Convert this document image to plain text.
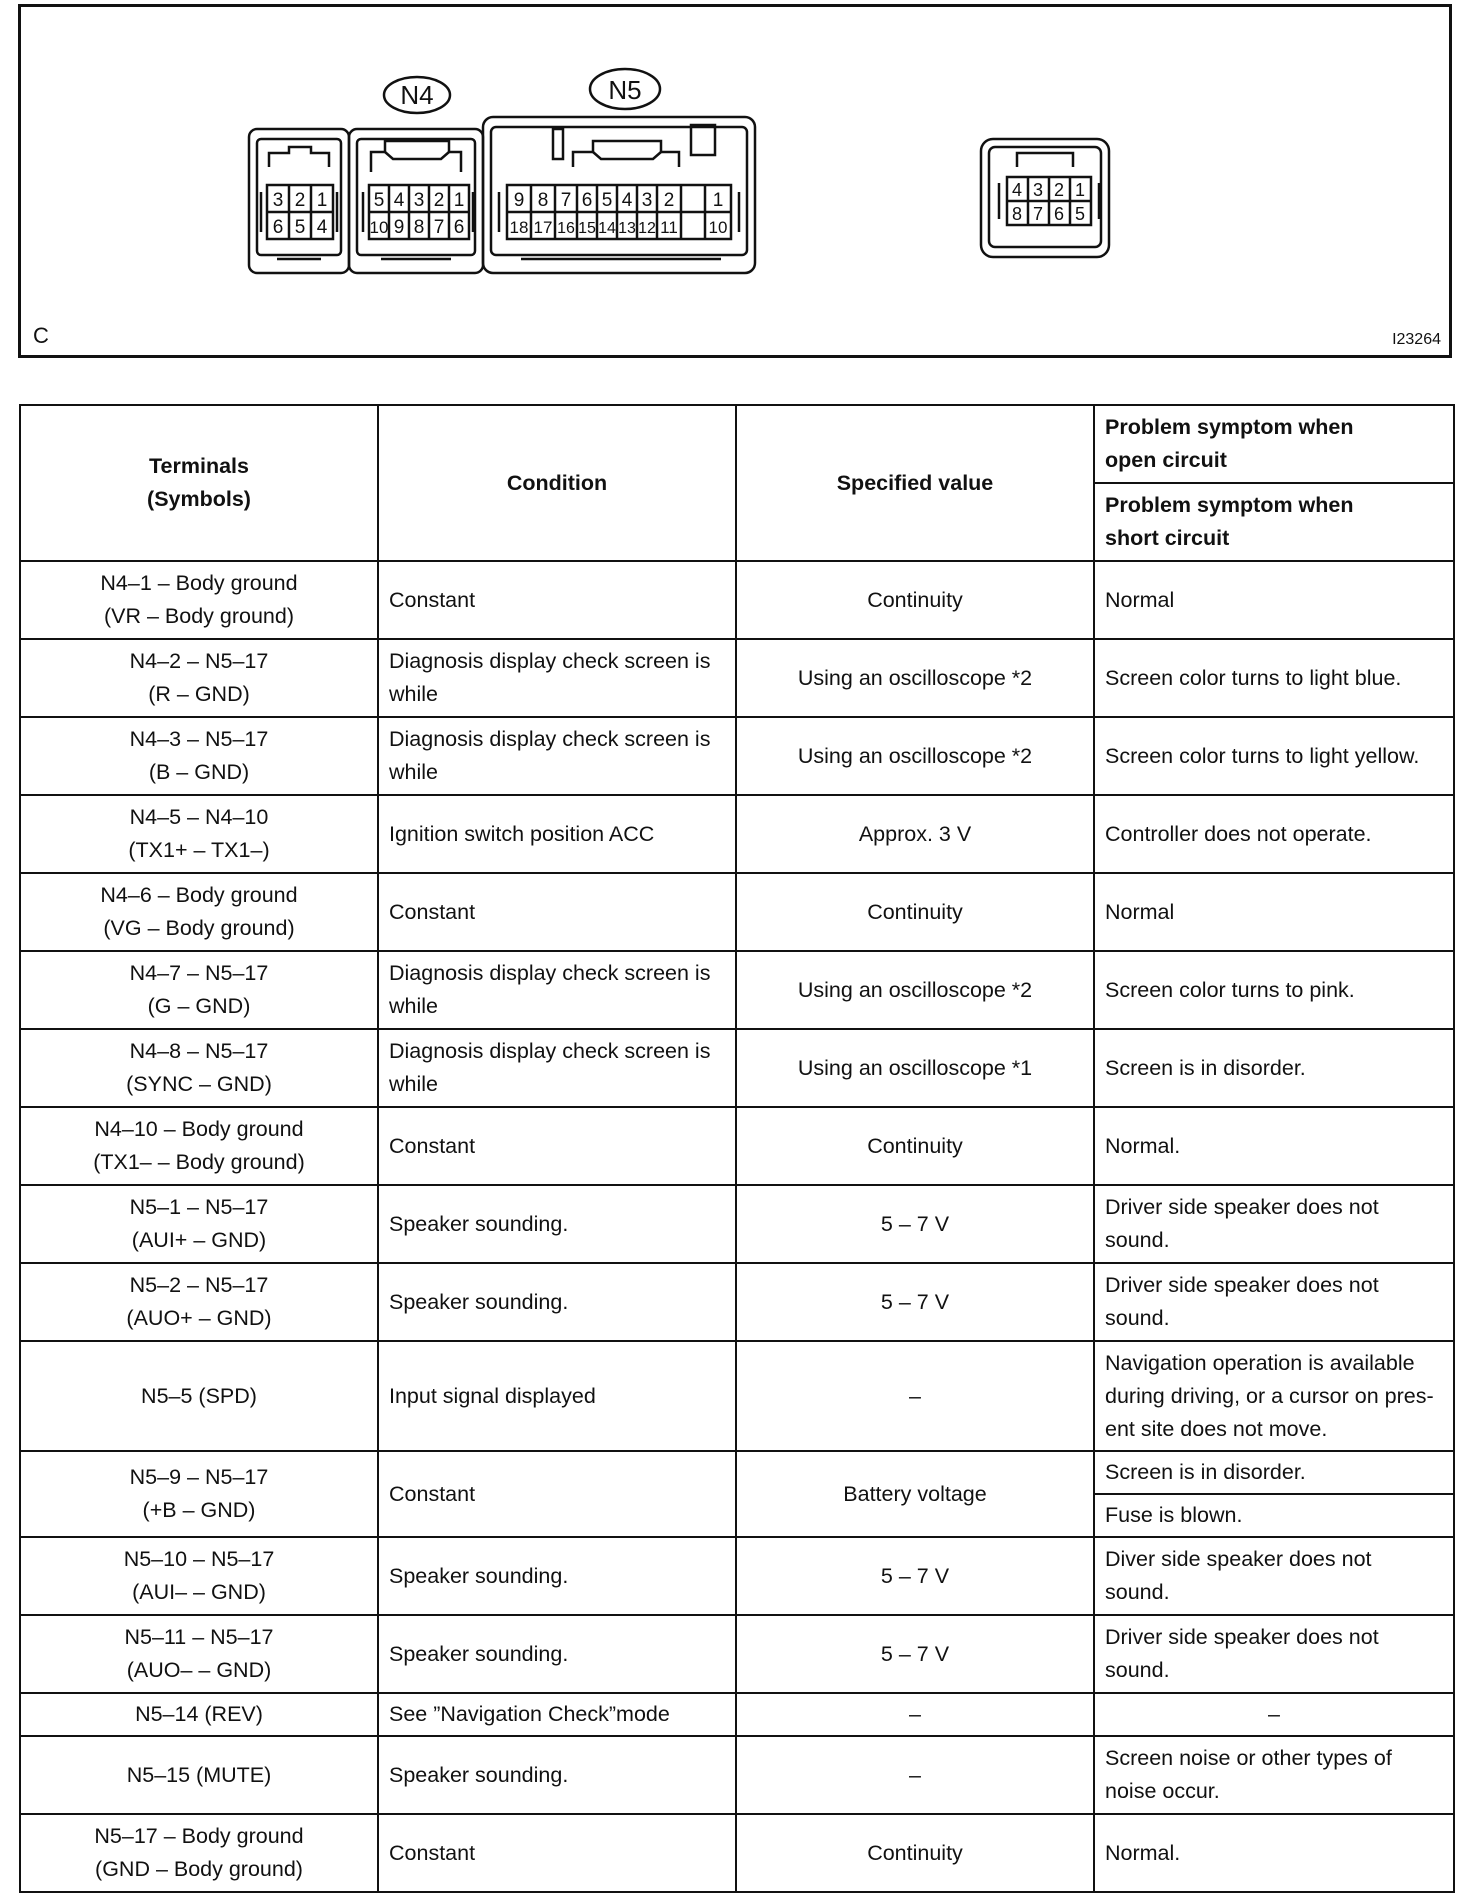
N4	N5
3 2 1
6 5 4
5 4 3 2 1
10 9 8 7 6
9 8 7 6 5 4 3 2 1
18 17 16 15 14 13 12 11 10
4 3 2 1
8 7 6 5
C	I23264
Terminals
(Symbols)	Condition	Specified value	Problem symptom when
open circuit
			Problem symptom when
short circuit
N4–1 – Body ground
(VR – Body ground)	Constant	Continuity	Normal
N4–2 – N5–17
(R – GND)	Diagnosis display check screen is
while	Using an oscilloscope *2	Screen color turns to light blue.
N4–3 – N5–17
(B – GND)	Diagnosis display check screen is
while	Using an oscilloscope *2	Screen color turns to light yellow.
N4–5 – N4–10
(TX1+ – TX1–)	Ignition switch position ACC	Approx. 3 V	Controller does not operate.
N4–6 – Body ground
(VG – Body ground)	Constant	Continuity	Normal
N4–7 – N5–17
(G – GND)	Diagnosis display check screen is
while	Using an oscilloscope *2	Screen color turns to pink.
N4–8 – N5–17
(SYNC – GND)	Diagnosis display check screen is
while	Using an oscilloscope *1	Screen is in disorder.
N4–10 – Body ground
(TX1– – Body ground)	Constant	Continuity	Normal.
N5–1 – N5–17
(AUI+ – GND)	Speaker sounding.	5 – 7 V	Driver side speaker does not
sound.
N5–2 – N5–17
(AUO+ – GND)	Speaker sounding.	5 – 7 V	Driver side speaker does not
sound.
N5–5 (SPD)	Input signal displayed	–	Navigation operation is available
during driving, or a cursor on pres-
ent site does not move.
N5–9 – N5–17
(+B – GND)	Constant	Battery voltage	Screen is in disorder.
			Fuse is blown.
N5–10 – N5–17
(AUI– – GND)	Speaker sounding.	5 – 7 V	Diver side speaker does not
sound.
N5–11 – N5–17
(AUO– – GND)	Speaker sounding.	5 – 7 V	Driver side speaker does not
sound.
N5–14 (REV)	See ”Navigation Check”mode	–	–
N5–15 (MUTE)	Speaker sounding.	–	Screen noise or other types of
noise occur.
N5–17 – Body ground
(GND – Body ground)	Constant	Continuity	Normal.
